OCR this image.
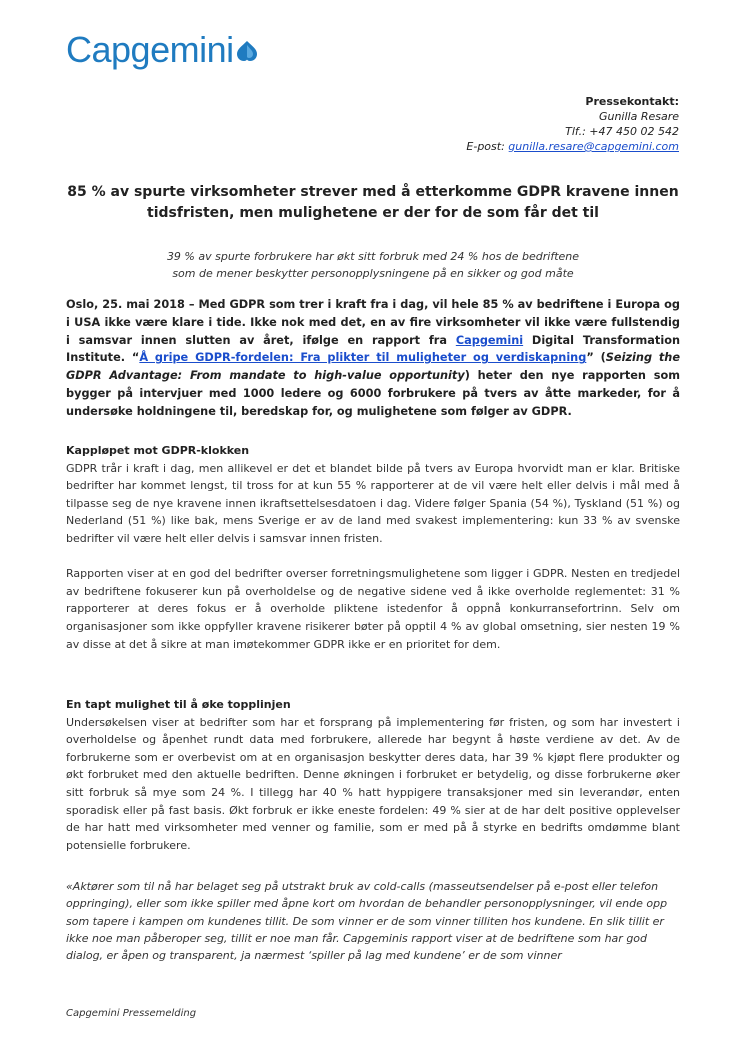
Capgemini
Pressekontakt:
Gunilla Resare
Tlf.: +47 450 02 542
E-post: gunilla.resare@capgemini.com
85 % av spurte virksomheter strever med å etterkomme GDPR kravene innen tidsfristen, men mulighetene er der for de som får det til
39 % av spurte forbrukere har økt sitt forbruk med 24 % hos de bedriftene
som de mener beskytter personopplysningene på en sikker og god måte
Oslo, 25. mai 2018 – Med GDPR som trer i kraft fra i dag, vil hele 85 % av bedriftene i Europa og i USA ikke være klare i tide. Ikke nok med det, en av fire virksomheter vil ikke være fullstendig i samsvar innen slutten av året, ifølge en rapport fra Capgemini Digital Transformation Institute. “Å gripe GDPR-fordelen: Fra plikter til muligheter og verdiskapning” (Seizing the GDPR Advantage: From mandate to high-value opportunity) heter den nye rapporten som bygger på intervjuer med 1000 ledere og 6000 forbrukere på tvers av åtte markeder, for å undersøke holdningene til, beredskap for, og mulighetene som følger av GDPR.
Kappløpet mot GDPR-klokken
GDPR trår i kraft i dag, men allikevel er det et blandet bilde på tvers av Europa hvorvidt man er klar. Britiske bedrifter har kommet lengst, til tross for at kun 55 % rapporterer at de vil være helt eller delvis i mål med å tilpasse seg de nye kravene innen ikraftsettelsesdatoen i dag. Videre følger Spania (54 %), Tyskland (51 %) og Nederland (51 %) like bak, mens Sverige er av de land med svakest implementering: kun 33 % av svenske bedrifter vil være helt eller delvis i samsvar innen fristen.
Rapporten viser at en god del bedrifter overser forretningsmulighetene som ligger i GDPR. Nesten en tredjedel av bedriftene fokuserer kun på overholdelse og de negative sidene ved å ikke overholde reglementet: 31 % rapporterer at deres fokus er å overholde pliktene istedenfor å oppnå konkurransefortrinn. Selv om organisasjoner som ikke oppfyller kravene risikerer bøter på opptil 4 % av global omsetning, sier nesten 19 % av disse at det å sikre at man imøtekommer GDPR ikke er en prioritet for dem.
En tapt mulighet til å øke topplinjen
Undersøkelsen viser at bedrifter som har et forsprang på implementering før fristen, og som har investert i overholdelse og åpenhet rundt data med forbrukere, allerede har begynt å høste verdiene av det. Av de forbrukerne som er overbevist om at en organisasjon beskytter deres data, har 39 % kjøpt flere produkter og økt forbruket med den aktuelle bedriften. Denne økningen i forbruket er betydelig, og disse forbrukerne øker sitt forbruk så mye som 24 %. I tillegg har 40 % hatt hyppigere transaksjoner med sin leverandør, enten sporadisk eller på fast basis. Økt forbruk er ikke eneste fordelen: 49 % sier at de har delt positive opplevelser de har hatt med virksomheter med venner og familie, som er med på å styrke en bedrifts omdømme blant potensielle forbrukere.
«Aktører som til nå har belaget seg på utstrakt bruk av cold-calls (masseutsendelser på e-post eller telefon oppringing), eller som ikke spiller med åpne kort om hvordan de behandler personopplysninger, vil ende opp som tapere i kampen om kundenes tillit. De som vinner er de som vinner tilliten hos kundene. En slik tillit er ikke noe man påberoper seg, tillit er noe man får. Capgeminis rapport viser at de bedriftene som har god dialog, er åpen og transparent, ja nærmest ‘spiller på lag med kundene’ er de som vinner
Capgemini Pressemelding
